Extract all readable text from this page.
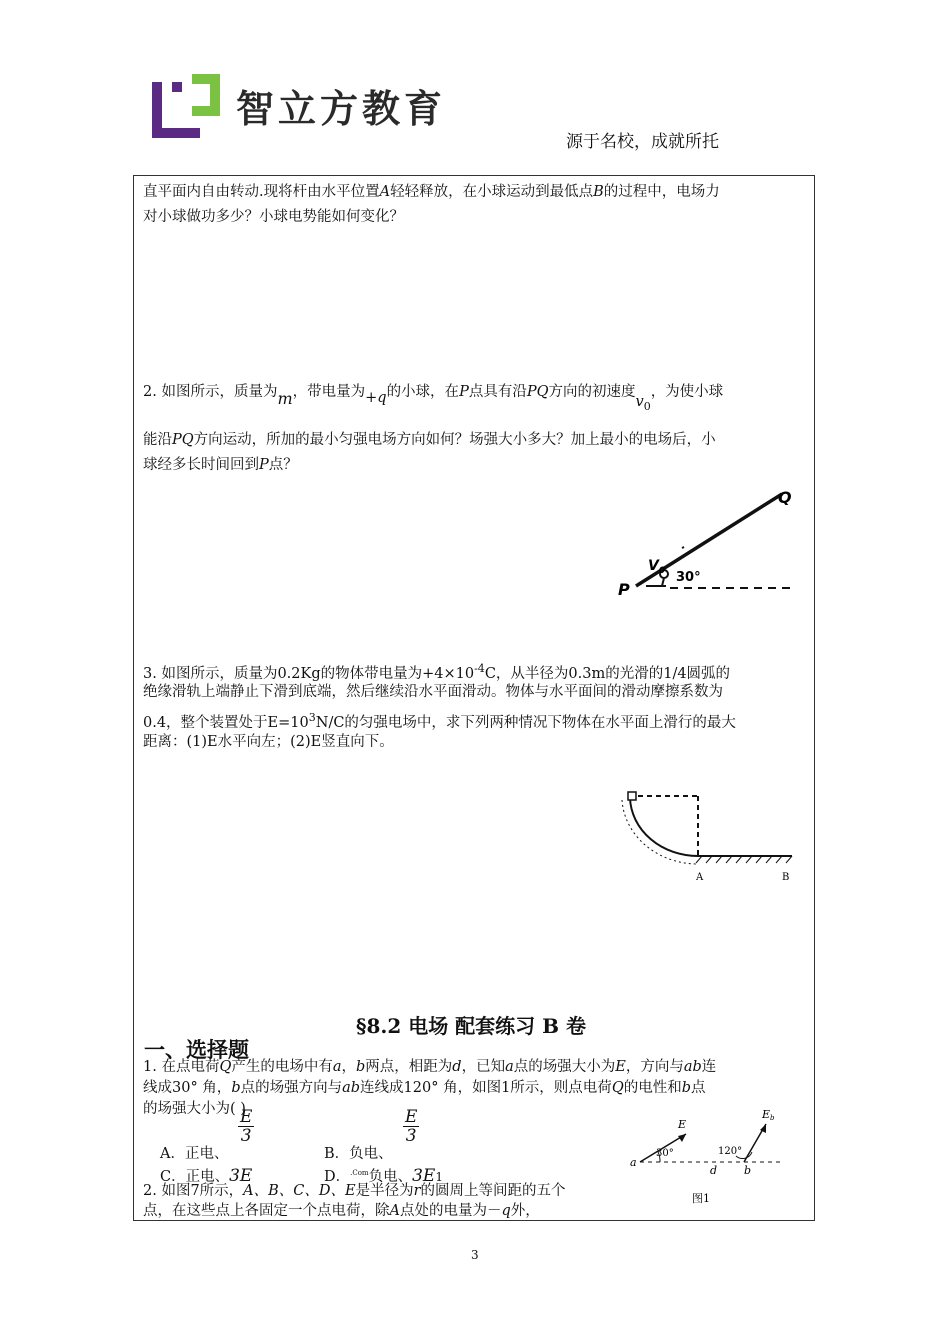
智立方教育
源于名校，成就所托
直平面内自由转动.现将杆由水平位置A轻轻释放，在小球运动到最低点B的过程中，电场力
对小球做功多少？小球电势能如何变化？
2. 如图所示，质量为m，带电量为+q的小球，在P点具有沿PQ方向的初速度$v_0$，为使小球
能沿PQ方向运动，所加的最小匀强电场方向如何？场强大小多大？加上最小的电场后，小
球经多长时间回到P点？
Q
$V_0$ 30°
P
3. 如图所示，质量为0.2Kg的物体带电量为$+4\times 10^{-4}C$，从半径为0.3m的光滑的1/4圆弧的
绝缘滑轨上端静止下滑到底端，然后继续沿水平面滑动。物体与水平面间的滑动摩擦系数为
0.4，整个装置处于$E=10^3N/C$的匀强电场中，求下列两种情况下物体在水平面上滑行的最大
距离：(1)E水平向左；(2)E竖直向下。
A	B
§8.2 电场 配套练习 B 卷
一、选择题
1. 在点电荷Q产生的电场中有a，b两点，相距为d，已知a点的场强大小为E，方向与ab连
线成30° 角，b点的场强方向与ab连线成120° 角，如图1所示，则点电荷Q的电性和b点
的场强大小为( )
A．正电、
$\frac{E}{3}$
B．负电、
$\frac{E}{3}$
C．正电、3E	D．$^{.Com}$负电、3E1
E
Eb
a
b
d
30°	120°
图1
2. 如图7所示，A、B、C、D、E是半径为r的圆周上等间距的五个
点，在这些点上各固定一个点电荷，除A点处的电量为－q外，
3
